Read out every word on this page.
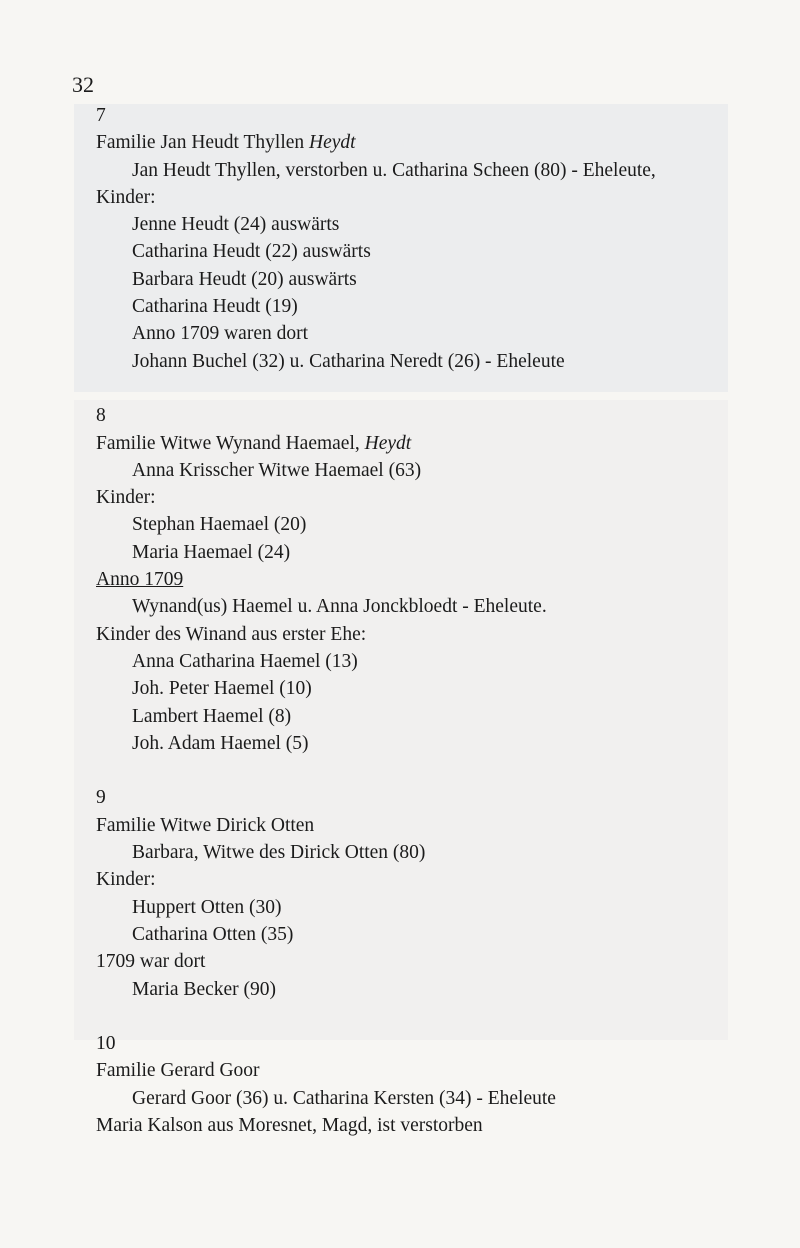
32
7
Familie Jan Heudt Thyllen Heydt
Jan Heudt Thyllen, verstorben u. Catharina Scheen (80) - Eheleute,
Kinder:
Jenne Heudt (24) auswärts
Catharina Heudt (22) auswärts
Barbara Heudt (20) auswärts
Catharina Heudt (19)
Anno 1709 waren dort
Johann Buchel (32) u. Catharina Neredt (26) - Eheleute
8
Familie Witwe Wynand Haemael, Heydt
Anna Krisscher Witwe Haemael (63)
Kinder:
Stephan Haemael (20)
Maria Haemael (24)
Anno 1709
Wynand(us) Haemel u. Anna Jonckbloedt - Eheleute.
Kinder des Winand aus erster Ehe:
Anna Catharina Haemel (13)
Joh. Peter Haemel (10)
Lambert Haemel (8)
Joh. Adam Haemel (5)
9
Familie Witwe Dirick Otten
Barbara, Witwe des Dirick Otten (80)
Kinder:
Huppert Otten (30)
Catharina Otten (35)
1709 war dort
Maria Becker (90)
10
Familie Gerard Goor
Gerard Goor (36) u. Catharina Kersten (34) - Eheleute
Maria Kalson aus Moresnet, Magd, ist verstorben
